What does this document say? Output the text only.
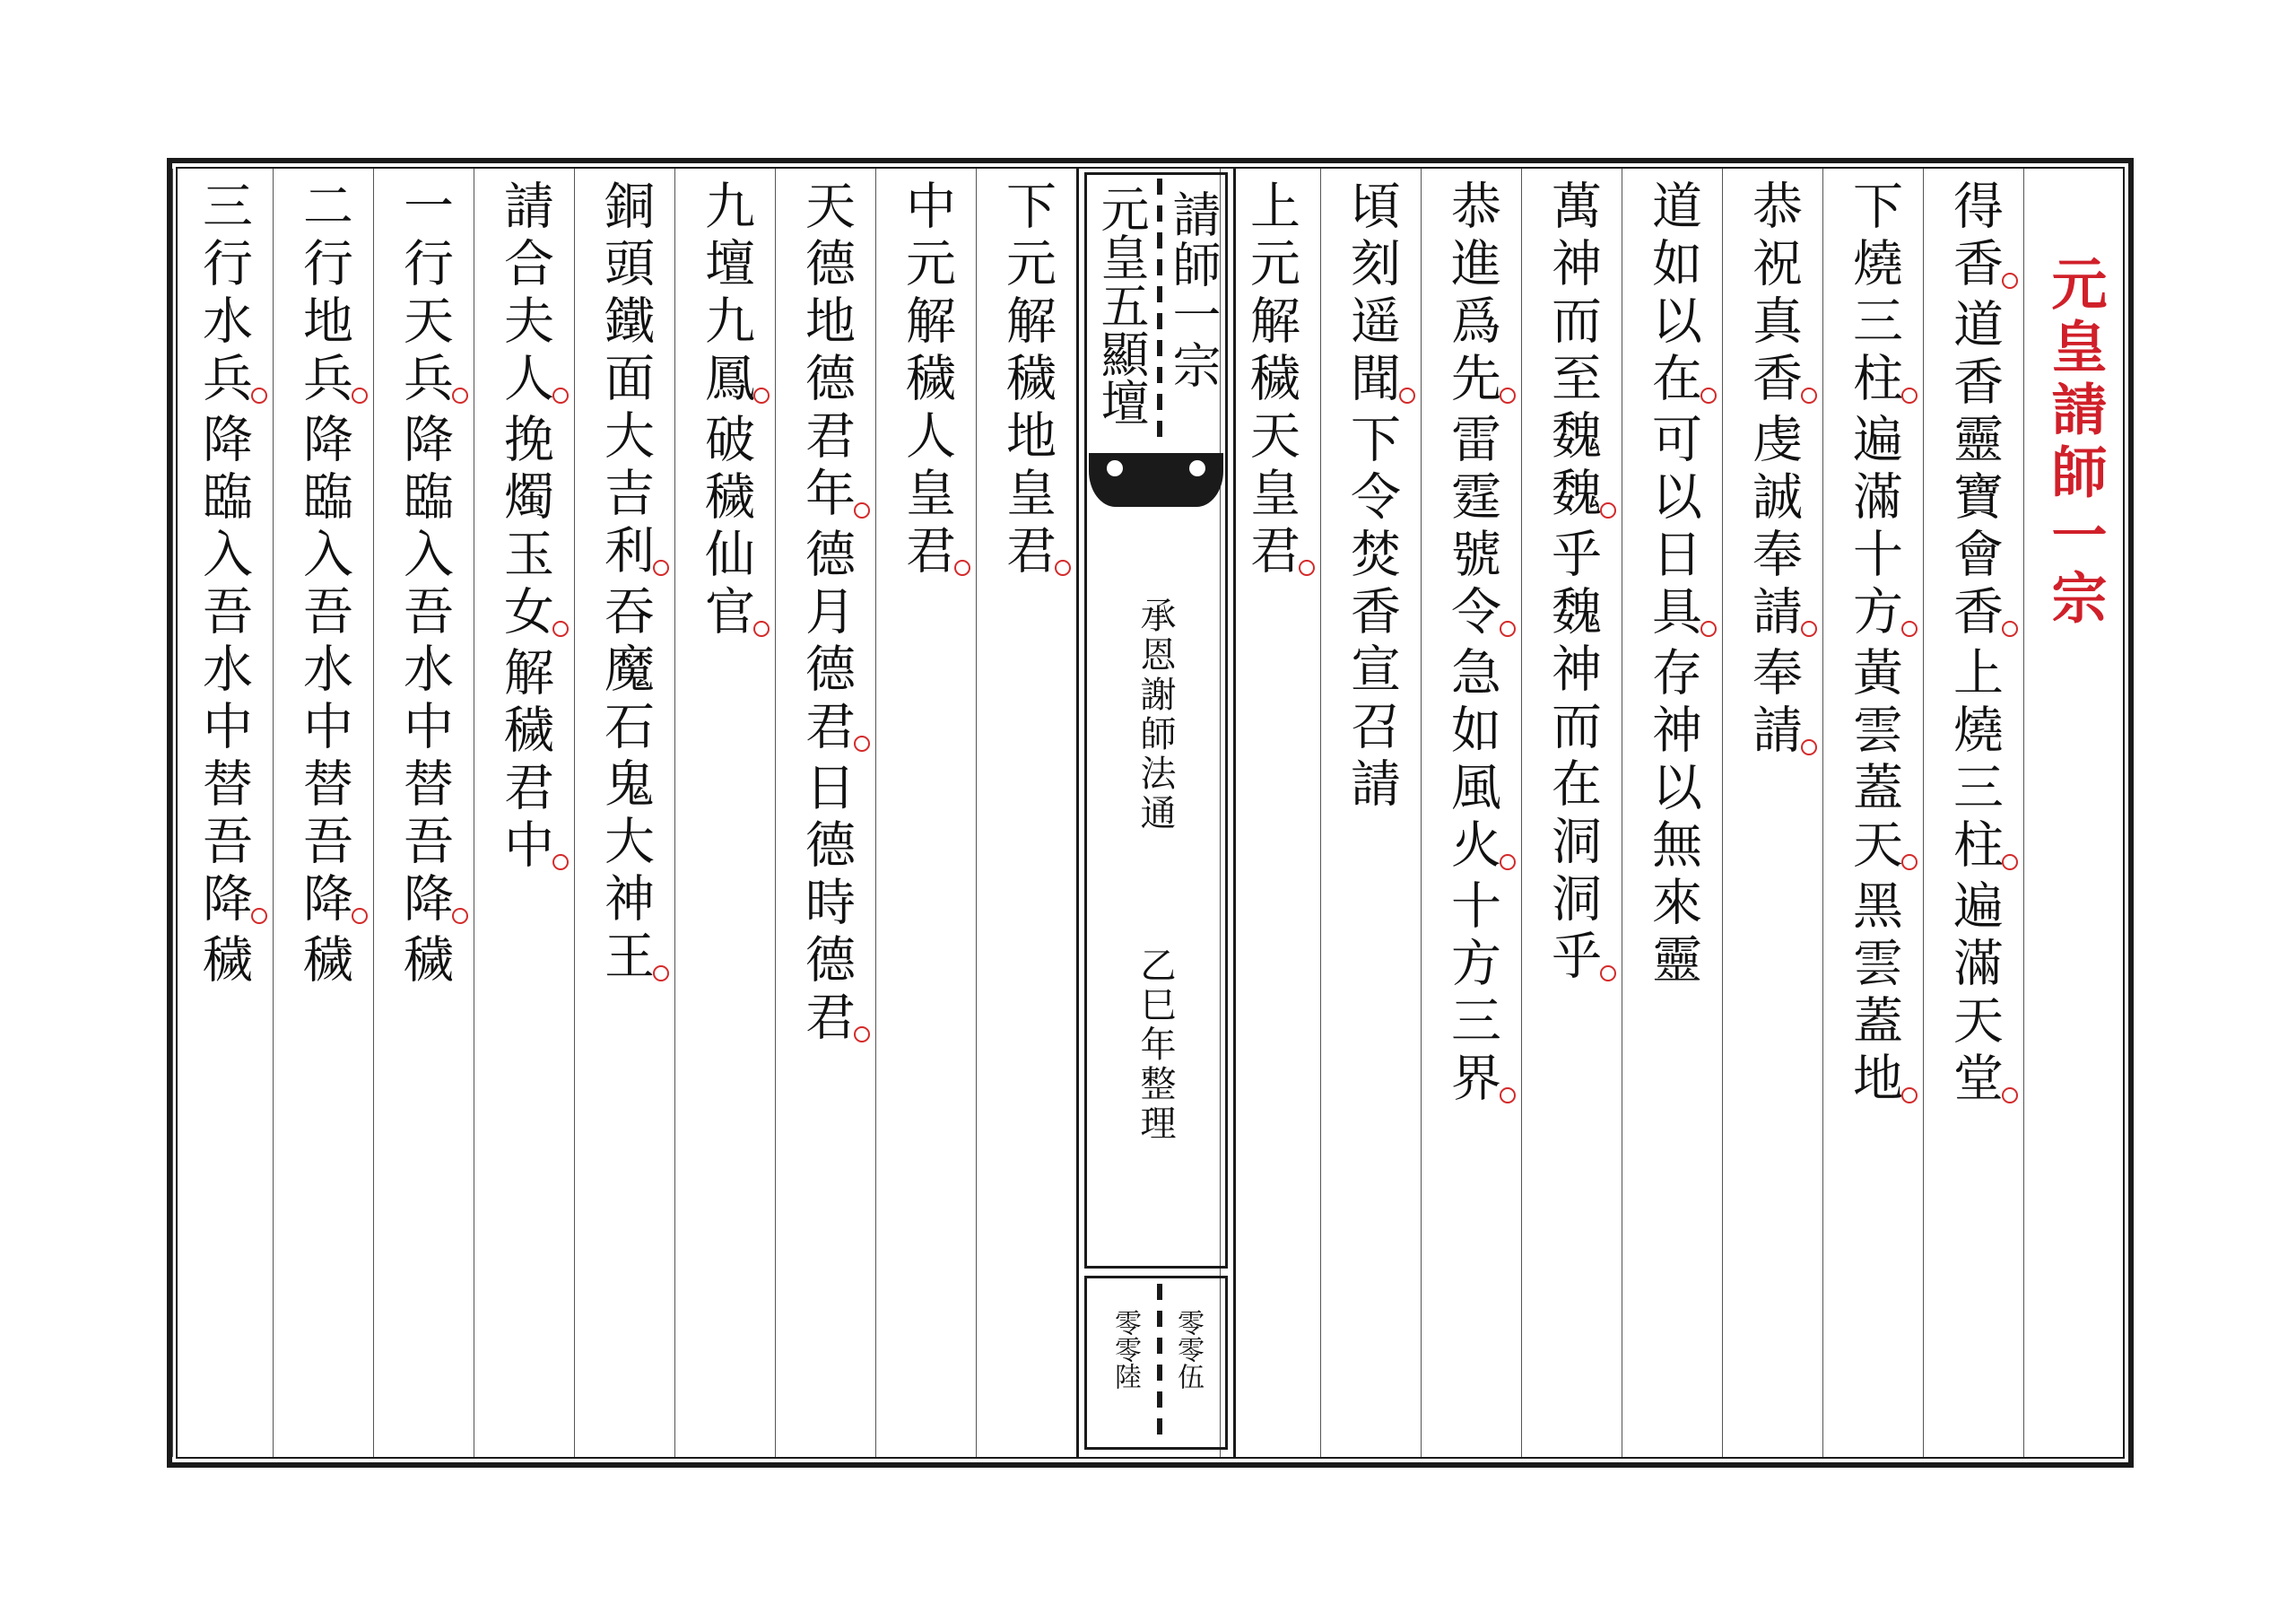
得
香
道
香
靈
寶
會
香
上
燒
三
柱
遍
滿
天
堂
下
燒
三
柱
遍
滿
十
方
黃
雲
蓋
天
黑
雲
蓋
地
恭
祝
真
香
虔
誠
奉
請
奉
請
道
如
以
在
可
以
日
具
存
神
以
無
來
靈
萬
神
而
至
魏
魏
乎
魏
神
而
在
洞
洞
乎
恭
進
爲
先
雷
霆
號
令
急
如
風
火
十
方
三
界
頃
刻
遥
聞
下
令
焚
香
宣
召
請
上
元
解
穢
天
皇
君	元皇請師一宗
請師一宗
元皇五顯壇
承恩謝師法通
乙巳年整理
零零伍
零零陸
下
元
解
穢
地
皇
君
中
元
解
穢
人
皇
君
天
德
地
德
君
年
德
月
德
君
日
德
時
德
君
九
壇
九
鳳
破
穢
仙
官
銅
頭
鐵
面
大
吉
利
吞
魔
石
鬼
大
神
王
請
合
夫
人
挽
燭
玉
女
解
穢
君
中
一
行
天
兵
降
臨
入
吾
水
中
替
吾
降
穢
二
行
地
兵
降
臨
入
吾
水
中
替
吾
降
穢
三
行
水
兵
降
臨
入
吾
水
中
替
吾
降
穢
